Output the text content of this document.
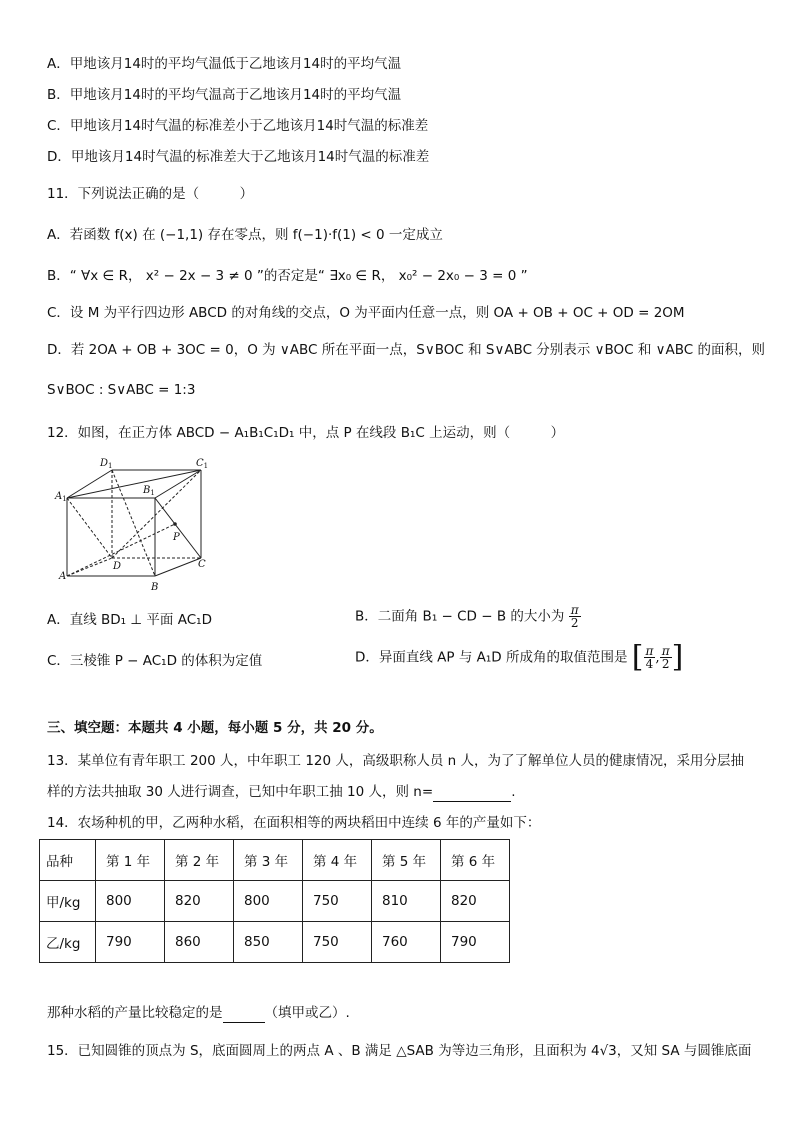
A．甲地该月14时的平均气温低于乙地该月14时的平均气温
B．甲地该月14时的平均气温高于乙地该月14时的平均气温
C．甲地该月14时气温的标准差小于乙地该月14时气温的标准差
D．甲地该月14时气温的标准差大于乙地该月14时气温的标准差
11．下列说法正确的是（　　　）
A．若函数 f(x) 在 (−1,1) 存在零点，则 f(−1)·f(1) < 0 一定成立
B．“ ∀x ∈ R， x² − 2x − 3 ≠ 0 ”的否定是“ ∃x₀ ∈ R， x₀² − 2x₀ − 3 = 0 ”
C．设 M 为平行四边形 ABCD 的对角线的交点，O 为平面内任意一点，则 OA + OB + OC + OD = 2OM
D．若 2OA + OB + 3OC = 0，O 为 ∨ABC 所在平面一点，S∨BOC 和 S∨ABC 分别表示 ∨BOC 和 ∨ABC 的面积，则
S∨BOC : S∨ABC = 1:3
12．如图，在正方体 ABCD − A₁B₁C₁D₁ 中，点 P 在线段 B₁C 上运动，则（　　　）
$D_1$	$C_1$
$A_1$
$B_1$
P
D
A
C
B
A．直线 BD₁ ⊥ 平面 AC₁D	B．二面角 B₁ − CD − B 的大小为 $\frac{\pi}{2}$
C．三棱锥 P − AC₁D 的体积为定值	D．异面直线 AP 与 A₁D 所成角的取值范围是 [ $\frac{\pi}{4}$ , $\frac{\pi}{2}$ ]
三、填空题：本题共 4 小题，每小题 5 分，共 20 分。
13．某单位有青年职工 200 人，中年职工 120 人，高级职称人员 n 人，为了了解单位人员的健康情况，采用分层抽
样的方法共抽取 30 人进行调查，已知中年职工抽 10 人，则 n=	.
14．农场种机的甲，乙两种水稻，在面积相等的两块稻田中连续 6 年的产量如下：
品种	第 1 年	第 2 年	第 3 年	第 4 年	第 5 年	第 6 年
甲/kg	800	820	800	750	810	820
乙/kg	790	860	850	750	760	790
那种水稻的产量比较稳定的是	（填甲或乙）.
15．已知圆锥的顶点为 S，底面圆周上的两点 A 、B 满足 △SAB 为等边三角形，且面积为 4√3，又知 SA 与圆锥底面
